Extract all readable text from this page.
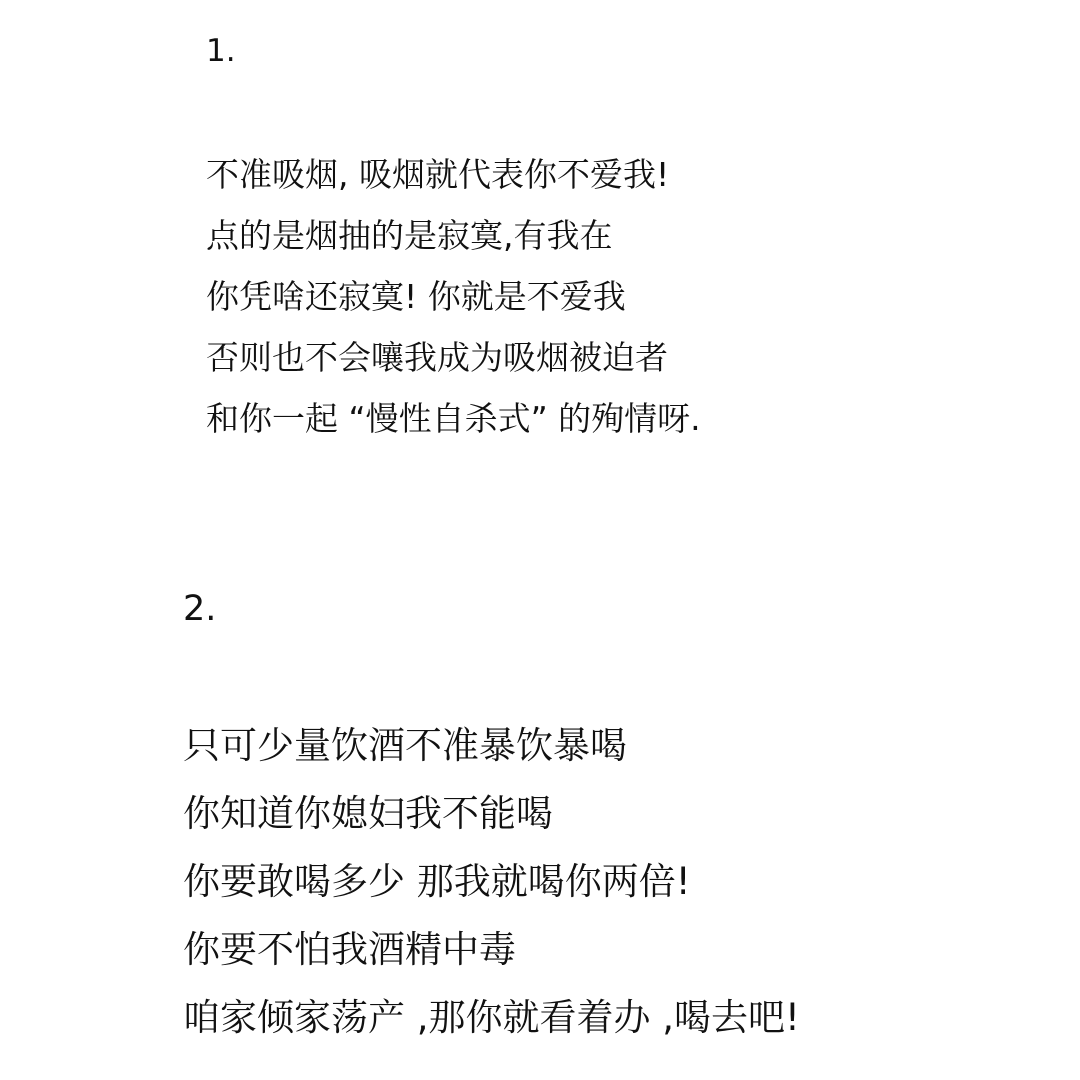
1.
不准吸烟, 吸烟就代表你不爱我!
点的是烟抽的是寂寞,有我在
你凭啥还寂寞! 你就是不爱我
否则也不会嚷我成为吸烟被迫者
和你一起 “慢性自杀式” 的殉情呀.
2.
只可少量饮酒不准暴饮暴喝
你知道你媳妇我不能喝
你要敢喝多少 那我就喝你两倍!
你要不怕我酒精中毒
咱家倾家荡产 ,那你就看着办 ,喝去吧!
